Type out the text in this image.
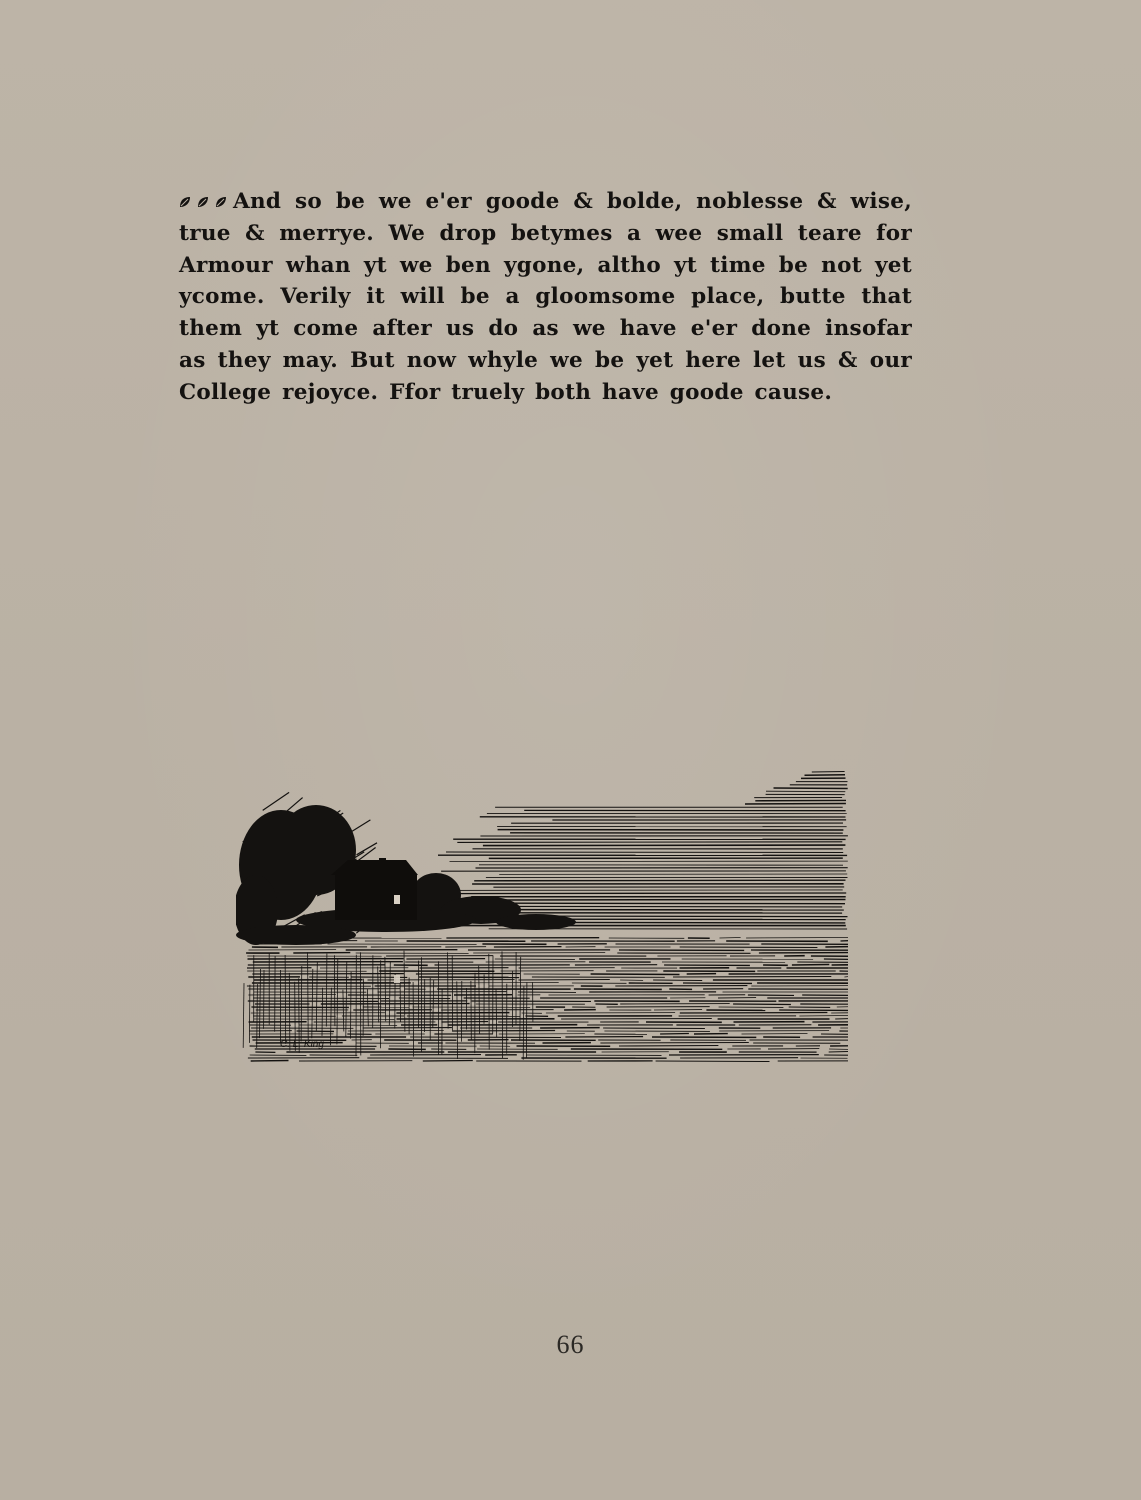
And so be we e'er goode & bolde, noblesse & wise, true & merrye. We drop betymes a wee small teare for Armour whan yt we ben ygone, altho yt time be not yet ycome. Verily it will be a gloomsome place, butte that them yt come after us do as we have e'er done insofar as they may. But now whyle we be yet here let us & our College rejoyce. Ffor truely both have goode cause.

C. L. King
66
